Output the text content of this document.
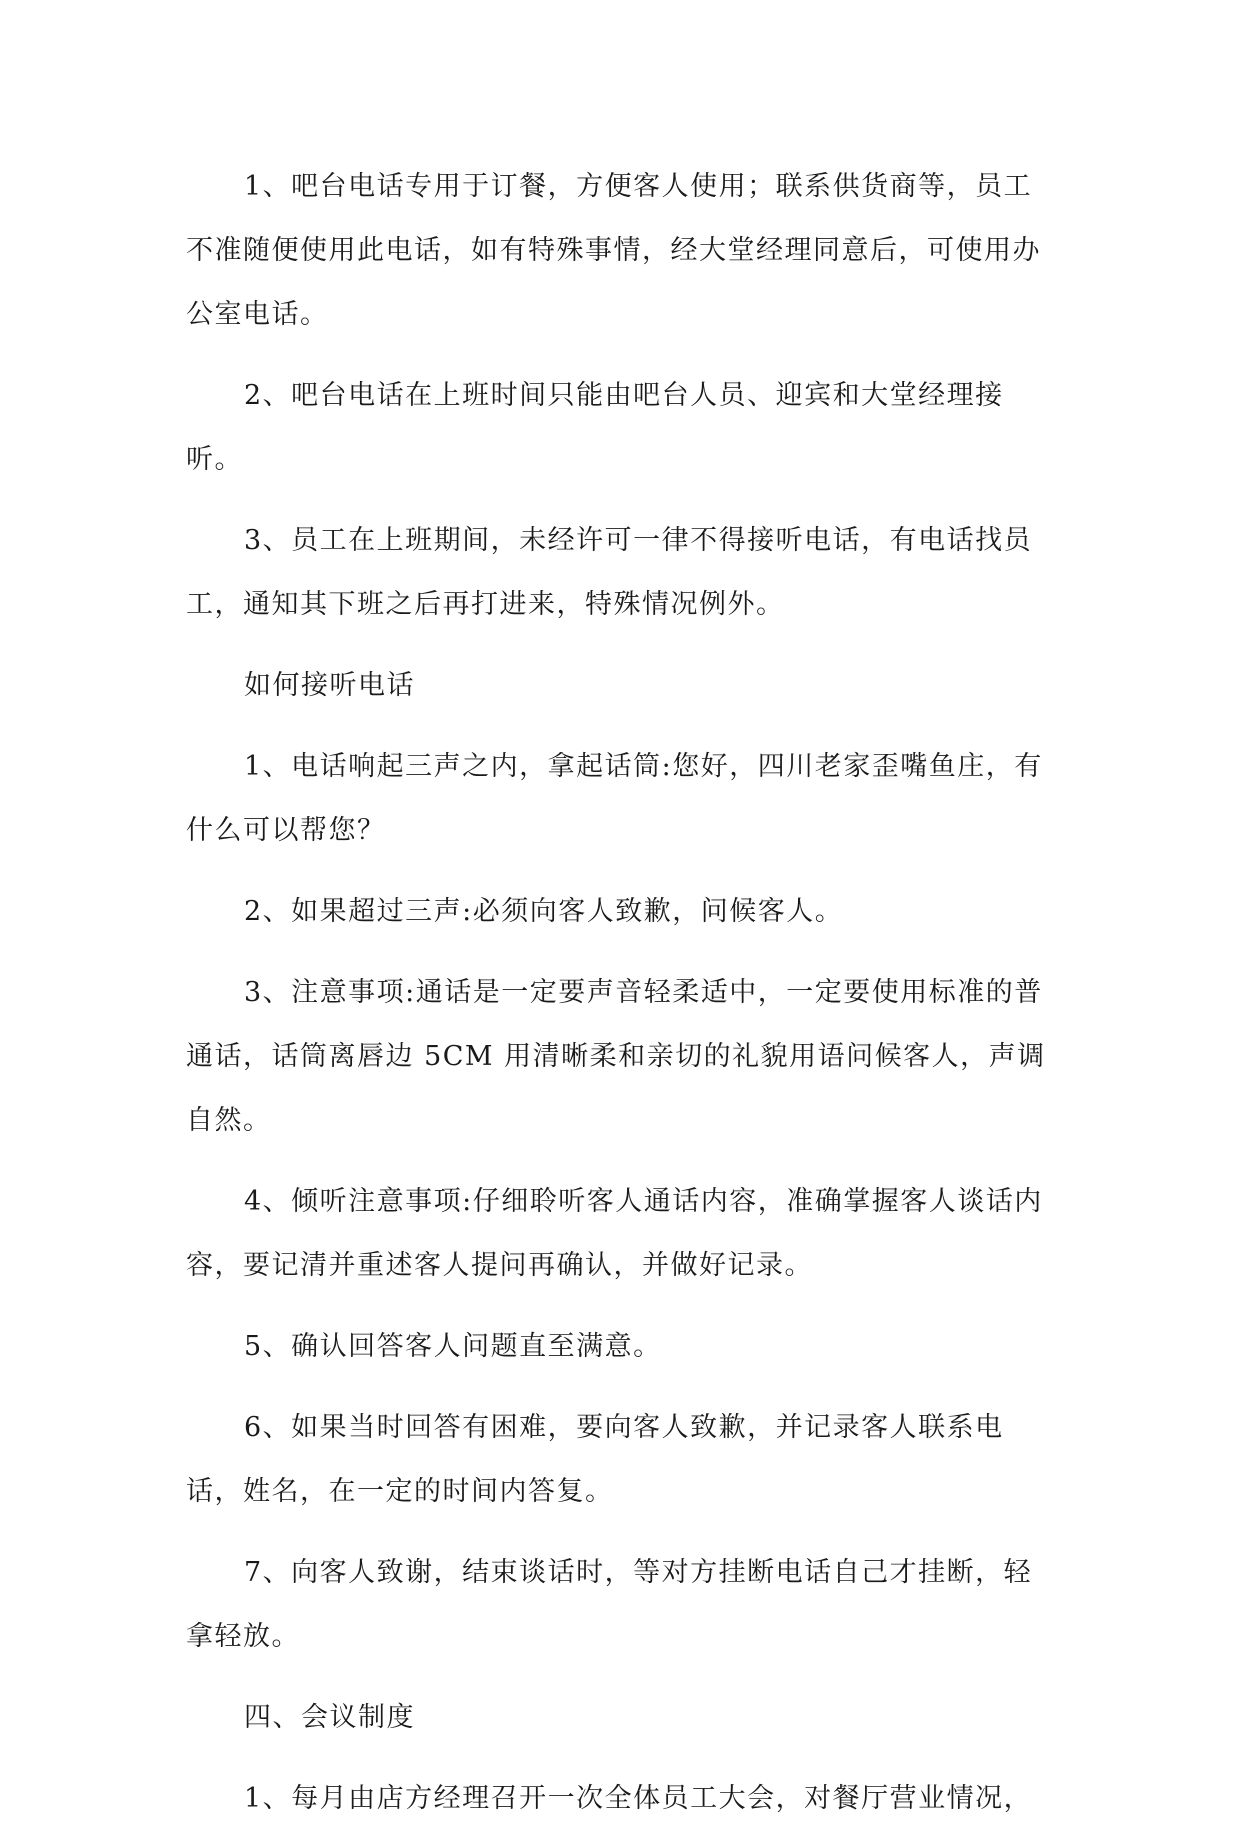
1、吧台电话专用于订餐，方便客人使用；联系供货商等，员工不准随便使用此电话，如有特殊事情，经大堂经理同意后，可使用办公室电话。

2、吧台电话在上班时间只能由吧台人员、迎宾和大堂经理接听。

3、员工在上班期间，未经许可一律不得接听电话，有电话找员工，通知其下班之后再打进来，特殊情况例外。

如何接听电话

1、电话响起三声之内，拿起话筒:您好，四川老家歪嘴鱼庄，有什么可以帮您？

2、如果超过三声:必须向客人致歉，问候客人。

3、注意事项:通话是一定要声音轻柔适中，一定要使用标准的普通话，话筒离唇边 5CM 用清晰柔和亲切的礼貌用语问候客人，声调自然。

4、倾听注意事项:仔细聆听客人通话内容，准确掌握客人谈话内容，要记清并重述客人提问再确认，并做好记录。

5、确认回答客人问题直至满意。

6、如果当时回答有困难，要向客人致歉，并记录客人联系电话，姓名，在一定的时间内答复。

7、向客人致谢，结束谈话时，等对方挂断电话自己才挂断，轻拿轻放。

四、会议制度

1、每月由店方经理召开一次全体员工大会，对餐厅营业情况，
